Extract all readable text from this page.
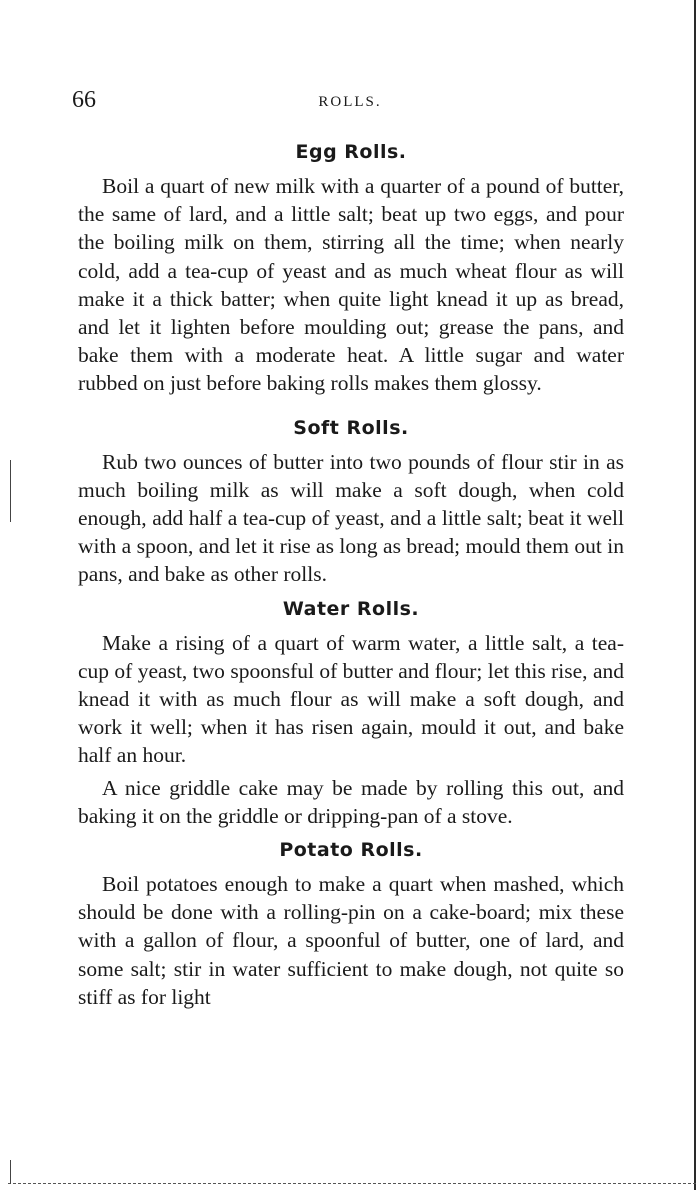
66	ROLLS.
Egg Rolls.

Boil a quart of new milk with a quarter of a pound of butter, the same of lard, and a little salt; beat up two eggs, and pour the boiling milk on them, stirring all the time; when nearly cold, add a tea-cup of yeast and as much wheat flour as will make it a thick batter; when quite light knead it up as bread, and let it lighten before moulding out; grease the pans, and bake them with a moderate heat. A little sugar and water rubbed on just before baking rolls makes them glossy.

Soft Rolls.

Rub two ounces of butter into two pounds of flour stir in as much boiling milk as will make a soft dough, when cold enough, add half a tea-cup of yeast, and a little salt; beat it well with a spoon, and let it rise as long as bread; mould them out in pans, and bake as other rolls.

Water Rolls.

Make a rising of a quart of warm water, a little salt, a tea-cup of yeast, two spoonsful of butter and flour; let this rise, and knead it with as much flour as will make a soft dough, and work it well; when it has risen again, mould it out, and bake half an hour.

A nice griddle cake may be made by rolling this out, and baking it on the griddle or dripping-pan of a stove.

Potato Rolls.

Boil potatoes enough to make a quart when mashed, which should be done with a rolling-pin on a cake-board; mix these with a gallon of flour, a spoonful of butter, one of lard, and some salt; stir in water sufficient to make dough, not quite so stiff as for light
